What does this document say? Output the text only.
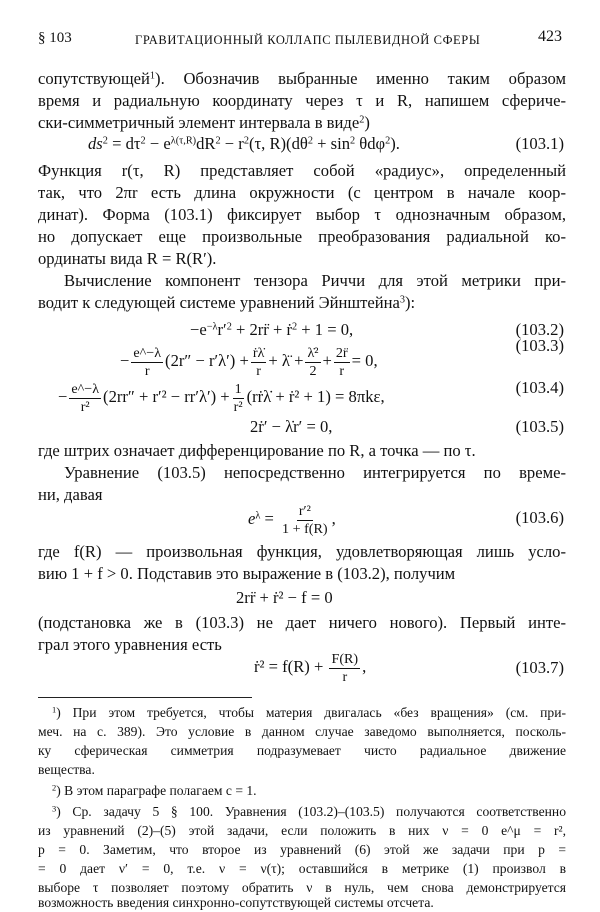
§ 103	ГРАВИТАЦИОННЫЙ КОЛЛАПС ПЫЛЕВИДНОЙ СФЕРЫ	423
сопутствующей$^1$). Обозначив выбранные именно таким образом
время и радиальную координату через τ и R, напишем сфериче-
ски-симметричный элемент интервала в виде$^2$)
$ds^2 = d\tau^2 - e^{\lambda(\tau,R)}dR^2 - r^2(\tau$, $R)(d\theta^2 + \sin^2 \theta d\varphi^2)$.	(103.1)
Функция r(τ, R) представляет собой «радиус», определенный
так, что 2πr есть длина окружности (с центром в начале коор-
динат). Форма (103.1) фиксирует выбор τ однозначным образом,
но допускает еще произвольные преобразования радиальной ко-
ординаты вида R = R(R′).
Вычисление компонент тензора Риччи для этой метрики при-
водит к следующей системе уравнений Эйнштейна$^3$):
$-e^{-\lambda}r'^2$ + 2rr̈ + ṙ$^2$ + 1 = 0,	(103.2)
− $\frac{e\^{}-\lambda}{r} (2r'' - r'\lambda') + \frac{\text{ṙλ̇}}{r}$ + λ̈ + $\frac{\text{λ̇²}}{2} + \frac{2r̈}{r} = 0$,
(103.3)
− $\frac{e\^{}-\lambda}{\text{r²}} (2rr'' + r'^2 - rr'\lambda') + \frac{1}{\text{r²}}$ (rṙλ̇ + ṙ² + 1) = 8πkε,	(103.4)
2ṙ′ − λ̇r′ = 0,	(103.5)
где штрих означает дифференцирование по R, а точка — по τ.
Уравнение (103.5) непосредственно интегрируется по време-
ни, давая
$e^\lambda = \frac{\text{r′²}}{1 + f(R)}$ ,	(103.6)
где f(R) — произвольная функция, удовлетворяющая лишь усло-
вию 1 + f > 0. Подставив это выражение в (103.2), получим
2rr̈ + ṙ² − f = 0
(подстановка же в (103.3) не дает ничего нового). Первый инте-
грал этого уравнения есть
ṙ² = $f(R) + \frac{F(R)}{r}$ ,	(103.7)
$^1$) При этом требуется, чтобы материя двигалась «без вращения» (см. при-
меч. на с. 389). Это условие в данном случае заведомо выполняется, посколь-
ку сферическая симметрия подразумевает чисто радиальное движение
вещества.
$^2$) В этом параграфе полагаем c = 1.
$^3$) Ср. задачу 5 § 100. Уравнения (103.2)–(103.5) получаются соответственно
из уравнений (2)–(5) этой задачи, если положить в них ν = 0 e^μ = r²,
p = 0. Заметим, что второе из уравнений (6) этой же задачи при p =
= 0 дает ν′ = 0, т.е. ν = ν(τ); оставшийся в метрике (1) произвол в
выборе τ позволяет поэтому обратить ν в нуль, чем снова демонстрируется
возможность введения синхронно-сопутствующей системы отсчета.
